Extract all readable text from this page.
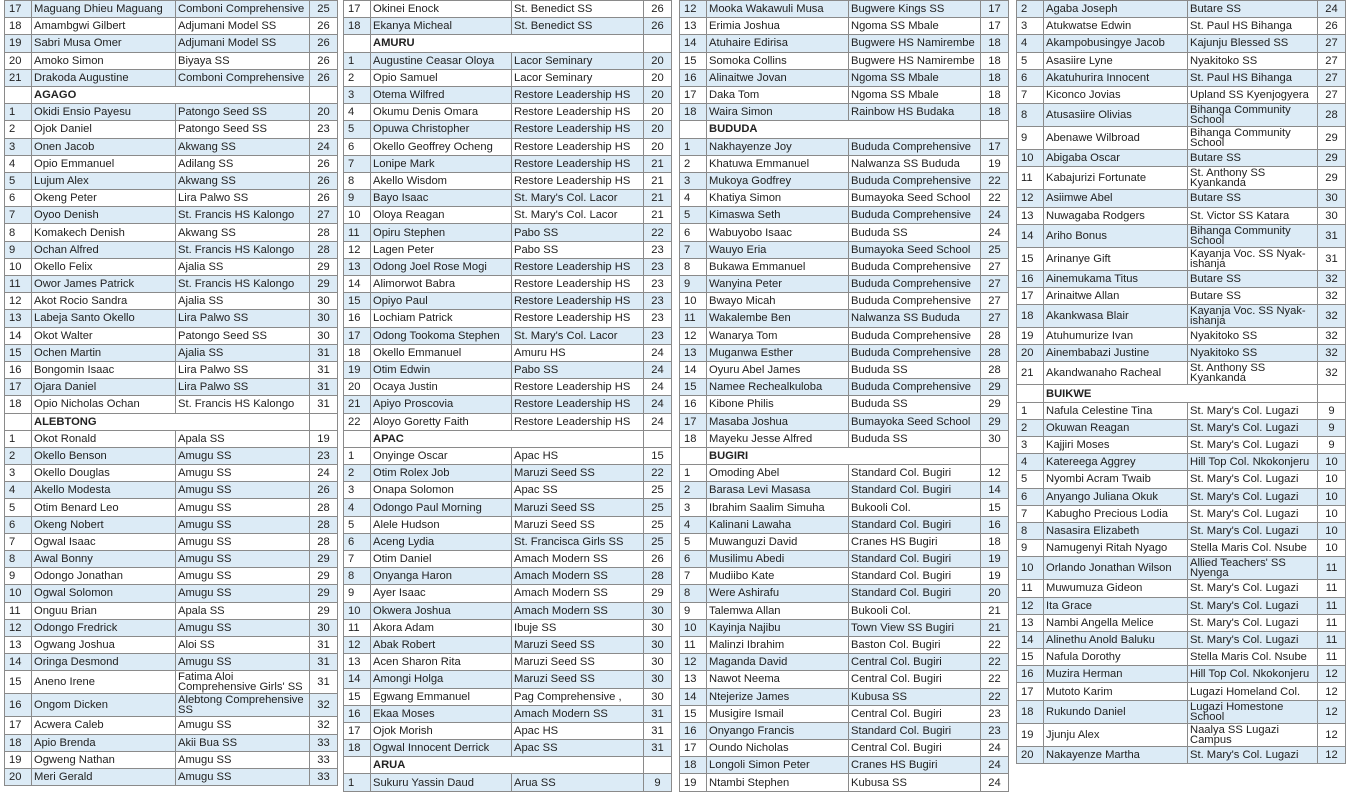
17	Maguang Dhieu Maguang	Comboni Comprehensive	25
18	Amambgwi Gilbert	Adjumani Model SS	26
19	Sabri Musa Omer	Adjumani Model SS	26
20	Amoko Simon	Biyaya SS	26
21	Drakoda Augustine	Comboni Comprehensive	26
	AGAGO		
1	Okidi Ensio Payesu	Patongo Seed SS	20
2	Ojok Daniel	Patongo Seed SS	23
3	Onen Jacob	Akwang SS	24
4	Opio Emmanuel	Adilang SS	26
5	Lujum Alex	Akwang SS	26
6	Okeng Peter	Lira Palwo SS	26
7	Oyoo Denish	St. Francis HS Kalongo	27
8	Komakech Denish	Akwang SS	28
9	Ochan Alfred	St. Francis HS Kalongo	28
10	Okello Felix	Ajalia SS	29
11	Owor James Patrick	St. Francis HS Kalongo	29
12	Akot Rocio Sandra	Ajalia SS	30
13	Labeja Santo Okello	Lira Palwo SS	30
14	Okot Walter	Patongo Seed SS	30
15	Ochen Martin	Ajalia SS	31
16	Bongomin Isaac	Lira Palwo SS	31
17	Ojara Daniel	Lira Palwo SS	31
18	Opio Nicholas Ochan	St. Francis HS Kalongo	31
	ALEBTONG		
1	Okot Ronald	Apala SS	19
2	Okello Benson	Amugu SS	23
3	Okello Douglas	Amugu SS	24
4	Akello Modesta	Amugu SS	26
5	Otim Benard Leo	Amugu SS	28
6	Okeng Nobert	Amugu SS	28
7	Ogwal Isaac	Amugu SS	28
8	Awal Bonny	Amugu SS	29
9	Odongo Jonathan	Amugu SS	29
10	Ogwal Solomon	Amugu SS	29
11	Onguu Brian	Apala SS	29
12	Odongo Fredrick	Amugu SS	30
13	Ogwang Joshua	Aloi SS	31
14	Oringa Desmond	Amugu SS	31
15	Aneno Irene	Fatima Aloi Comprehensive Girls' SS	31
16	Ongom Dicken	Alebtong Comprehensive SS	32
17	Acwera Caleb	Amugu SS	32
18	Apio Brenda	Akii Bua SS	33
19	Ogweng Nathan	Amugu SS	33
20	Meri Gerald	Amugu SS	33
17	Okinei Enock	St. Benedict SS	26
18	Ekanya Micheal	St. Benedict SS	26
	AMURU		
1	Augustine Ceasar Oloya	Lacor Seminary	20
2	Opio Samuel	Lacor Seminary	20
3	Otema Wilfred	Restore Leadership HS	20
4	Okumu Denis Omara	Restore Leadership HS	20
5	Opuwa Christopher	Restore Leadership HS	20
6	Okello Geoffrey Ocheng	Restore Leadership HS	20
7	Lonipe Mark	Restore Leadership HS	21
8	Akello Wisdom	Restore Leadership HS	21
9	Bayo Isaac	St. Mary's Col. Lacor	21
10	Oloya Reagan	St. Mary's Col. Lacor	21
11	Opiru Stephen	Pabo SS	22
12	Lagen Peter	Pabo SS	23
13	Odong Joel Rose Mogi	Restore Leadership HS	23
14	Alimorwot Babra	Restore Leadership HS	23
15	Opiyo Paul	Restore Leadership HS	23
16	Lochiam Patrick	Restore Leadership HS	23
17	Odong Tookoma Stephen	St. Mary's Col. Lacor	23
18	Okello Emmanuel	Amuru HS	24
19	Otim Edwin	Pabo SS	24
20	Ocaya Justin	Restore Leadership HS	24
21	Apiyo Proscovia	Restore Leadership HS	24
22	Aloyo Goretty Faith	Restore Leadership HS	24
	APAC		
1	Onyinge Oscar	Apac HS	15
2	Otim Rolex Job	Maruzi Seed SS	22
3	Onapa Solomon	Apac SS	25
4	Odongo Paul Morning	Maruzi Seed SS	25
5	Alele Hudson	Maruzi Seed SS	25
6	Aceng Lydia	St. Francisca Girls SS	25
7	Otim Daniel	Amach Modern SS	26
8	Onyanga Haron	Amach Modern SS	28
9	Ayer Isaac	Amach Modern SS	29
10	Okwera Joshua	Amach Modern SS	30
11	Akora Adam	Ibuje SS	30
12	Abak Robert	Maruzi Seed SS	30
13	Acen Sharon Rita	Maruzi Seed SS	30
14	Amongi Holga	Maruzi Seed SS	30
15	Egwang Emmanuel	Pag Comprehensive ,	30
16	Ekaa Moses	Amach Modern SS	31
17	Ojok Morish	Apac HS	31
18	Ogwal Innocent Derrick	Apac SS	31
	ARUA		
1	Sukuru Yassin Daud	Arua SS	9
12	Mooka Wakawuli Musa	Bugwere Kings SS	17
13	Erimia Joshua	Ngoma SS Mbale	17
14	Atuhaire Edirisa	Bugwere HS Namirembe	18
15	Somoka Collins	Bugwere HS Namirembe	18
16	Alinaitwe Jovan	Ngoma SS Mbale	18
17	Daka Tom	Ngoma SS Mbale	18
18	Waira Simon	Rainbow HS Budaka	18
	BUDUDA		
1	Nakhayenze Joy	Bududa Comprehensive	17
2	Khatuwa Emmanuel	Nalwanza SS Bududa	19
3	Mukoya Godfrey	Bududa Comprehensive	22
4	Khatiya Simon	Bumayoka Seed School	22
5	Kimaswa Seth	Bududa Comprehensive	24
6	Wabuyobo Isaac	Bududa SS	24
7	Wauyo Eria	Bumayoka Seed School	25
8	Bukawa Emmanuel	Bududa Comprehensive	27
9	Wanyina Peter	Bududa Comprehensive	27
10	Bwayo Micah	Bududa Comprehensive	27
11	Wakalembe Ben	Nalwanza SS Bududa	27
12	Wanarya Tom	Bududa Comprehensive	28
13	Muganwa Esther	Bududa Comprehensive	28
14	Oyuru Abel James	Bududa SS	28
15	Namee Rechealkuloba	Bududa Comprehensive	29
16	Kibone Philis	Bududa SS	29
17	Masaba Joshua	Bumayoka Seed School	29
18	Mayeku Jesse Alfred	Bududa SS	30
	BUGIRI		
1	Omoding Abel	Standard Col. Bugiri	12
2	Barasa Levi Masasa	Standard Col. Bugiri	14
3	Ibrahim Saalim Simuha	Bukooli Col.	15
4	Kalinani Lawaha	Standard Col. Bugiri	16
5	Muwanguzi David	Cranes HS Bugiri	18
6	Musilimu Abedi	Standard Col. Bugiri	19
7	Mudiibo Kate	Standard Col. Bugiri	19
8	Were Ashirafu	Standard Col. Bugiri	20
9	Talemwa Allan	Bukooli Col.	21
10	Kayinja Najibu	Town View SS Bugiri	21
11	Malinzi Ibrahim	Baston Col. Bugiri	22
12	Maganda David	Central Col. Bugiri	22
13	Nawot Neema	Central Col. Bugiri	22
14	Ntejerize James	Kubusa SS	22
15	Musigire Ismail	Central Col. Bugiri	23
16	Onyango Francis	Standard Col. Bugiri	23
17	Oundo Nicholas	Central Col. Bugiri	24
18	Longoli Simon Peter	Cranes HS Bugiri	24
19	Ntambi Stephen	Kubusa SS	24
2	Agaba Joseph	Butare SS	24
3	Atukwatse Edwin	St. Paul HS Bihanga	26
4	Akampobusingye Jacob	Kajunju Blessed SS	27
5	Asasiire Lyne	Nyakitoko SS	27
6	Akatuhurira Innocent	St. Paul HS Bihanga	27
7	Kiconco Jovias	Upland SS Kyenjogyera	27
8	Atusasiire Olivias	Bihanga Community School	28
9	Abenawe Wilbroad	Bihanga Community School	29
10	Abigaba Oscar	Butare SS	29
11	Kabajurizi Fortunate	St. Anthony SS Kyankanda	29
12	Asiimwe Abel	Butare SS	30
13	Nuwagaba Rodgers	St. Victor SS Katara	30
14	Ariho Bonus	Bihanga Community School	31
15	Arinanye Gift	Kayanja Voc. SS Nyak-ishanja	31
16	Ainemukama Titus	Butare SS	32
17	Arinaitwe Allan	Butare SS	32
18	Akankwasa Blair	Kayanja Voc. SS Nyak-ishanja	32
19	Atuhumurize Ivan	Nyakitoko SS	32
20	Ainembabazi Justine	Nyakitoko SS	32
21	Akandwanaho Racheal	St. Anthony SS Kyankanda	32
	BUIKWE		
1	Nafula Celestine Tina	St. Mary's Col. Lugazi	9
2	Okuwan Reagan	St. Mary's Col. Lugazi	9
3	Kajjiri Moses	St. Mary's Col. Lugazi	9
4	Katereega Aggrey	Hill Top Col. Nkokonjeru	10
5	Nyombi Acram Twaib	St. Mary's Col. Lugazi	10
6	Anyango Juliana Okuk	St. Mary's Col. Lugazi	10
7	Kabugho Precious Lodia	St. Mary's Col. Lugazi	10
8	Nasasira Elizabeth	St. Mary's Col. Lugazi	10
9	Namugenyi Ritah Nyago	Stella Maris Col. Nsube	10
10	Orlando Jonathan Wilson	Allied Teachers' SS Nyenga	11
11	Muwumuza Gideon	St. Mary's Col. Lugazi	11
12	Ita Grace	St. Mary's Col. Lugazi	11
13	Nambi Angella Melice	St. Mary's Col. Lugazi	11
14	Alinethu Anold Baluku	St. Mary's Col. Lugazi	11
15	Nafula Dorothy	Stella Maris Col. Nsube	11
16	Muzira Herman	Hill Top Col. Nkokonjeru	12
17	Mutoto Karim	Lugazi Homeland Col.	12
18	Rukundo Daniel	Lugazi Homestone School	12
19	Jjunju Alex	Naalya SS Lugazi Campus	12
20	Nakayenze Martha	St. Mary's Col. Lugazi	12
